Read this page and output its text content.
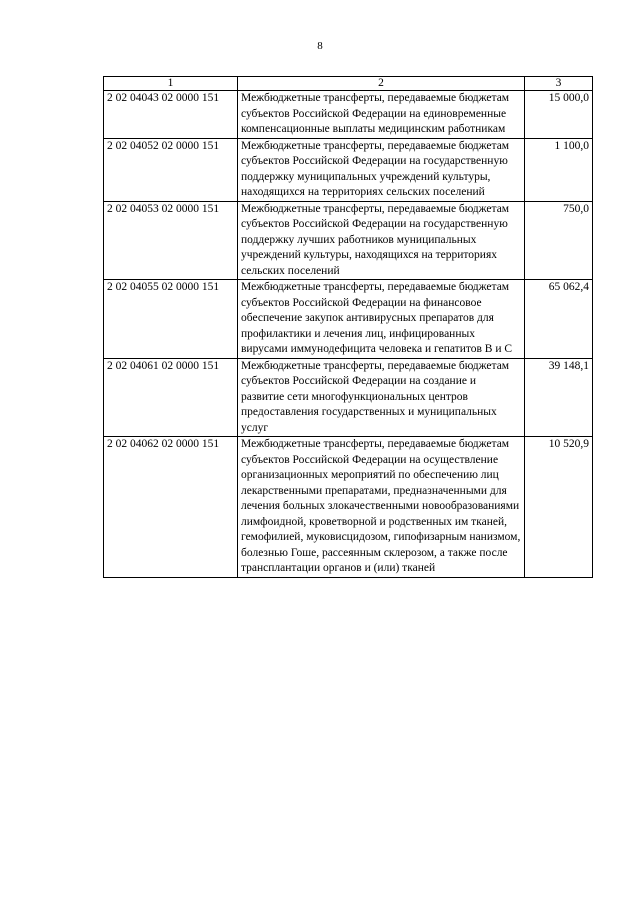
8
1	2	3
2 02 04043 02 0000 151	Межбюджетные трансферты, передаваемые бюджетам субъектов Российской Федерации на единовременные компенсационные выплаты медицинским работникам	15 000,0
2 02 04052 02 0000 151	Межбюджетные трансферты, передаваемые бюджетам субъектов Российской Федерации на государственную поддержку муниципальных учреждений культуры, находящихся на территориях сельских поселений	1 100,0
2 02 04053 02 0000 151	Межбюджетные трансферты, передаваемые бюджетам субъектов Российской Федерации на государственную поддержку лучших работников муниципальных учреждений культуры, находящихся на территориях сельских поселений	750,0
2 02 04055 02 0000 151	Межбюджетные трансферты, передаваемые бюджетам субъектов Российской Федерации на финансовое обеспечение закупок антивирусных препаратов для профилактики и лечения лиц, инфицированных вирусами иммунодефицита человека и гепатитов В и С	65 062,4
2 02 04061 02 0000 151	Межбюджетные трансферты, передаваемые бюджетам субъектов Российской Федерации на создание и развитие сети многофункциональных центров предоставления государственных и муниципальных услуг	39 148,1
2 02 04062 02 0000 151	Межбюджетные трансферты, передаваемые бюджетам субъектов Российской Федерации на осуществление организационных мероприятий по обеспечению лиц лекарственными препаратами, предназначенными для лечения больных злокачественными новообразованиями лимфоидной, кроветворной и родственных им тканей, гемофилией, муковисцидозом, гипофизарным нанизмом, болезнью Гоше, рассеянным склерозом, а также после трансплантации органов и (или) тканей	10 520,9
